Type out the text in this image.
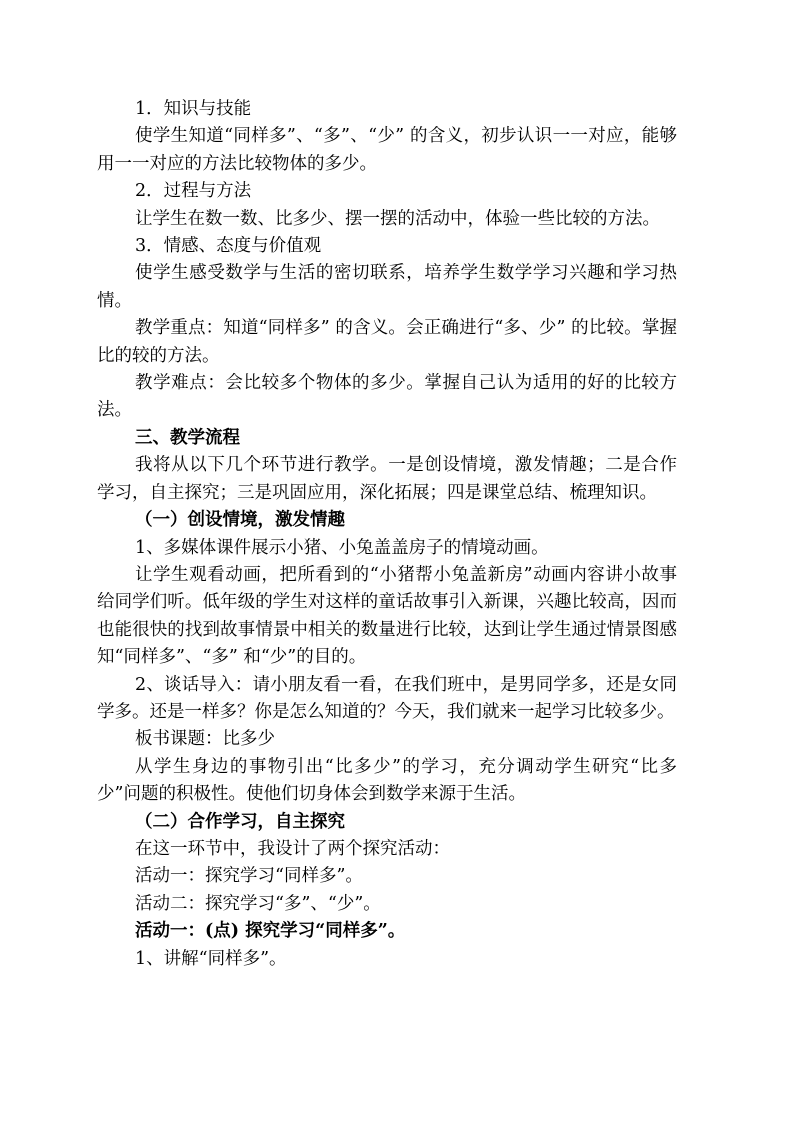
1．知识与技能

使学生知道“同样多”、“多”、“少” 的含义，初步认识一一对应，能够用一一对应的方法比较物体的多少。

2．过程与方法

让学生在数一数、比多少、摆一摆的活动中，体验一些比较的方法。

3．情感、态度与价值观

使学生感受数学与生活的密切联系，培养学生数学学习兴趣和学习热情。

教学重点：知道“同样多” 的含义。会正确进行“多、少” 的比较。掌握比的较的方法。

教学难点：会比较多个物体的多少。掌握自己认为适用的好的比较方法。

三、教学流程

我将从以下几个环节进行教学。一是创设情境，激发情趣；二是合作学习，自主探究；三是巩固应用，深化拓展；四是课堂总结、梳理知识。

（一）创设情境，激发情趣

1、多媒体课件展示小猪、小兔盖盖房子的情境动画。

让学生观看动画，把所看到的“小猪帮小兔盖新房”动画内容讲小故事给同学们听。低年级的学生对这样的童话故事引入新课，兴趣比较高，因而也能很快的找到故事情景中相关的数量进行比较，达到让学生通过情景图感知“同样多”、“多” 和“少”的目的。

2、谈话导入：请小朋友看一看，在我们班中，是男同学多，还是女同学多。还是一样多？你是怎么知道的？今天，我们就来一起学习比较多少。

板书课题：比多少

从学生身边的事物引出“比多少”的学习，充分调动学生研究“比多少”问题的积极性。使他们切身体会到数学来源于生活。

（二）合作学习，自主探究

在这一环节中，我设计了两个探究活动：

活动一：探究学习“同样多”。

活动二：探究学习“多”、“少”。

活动一：(点) 探究学习“同样多”。

1、讲解“同样多”。
